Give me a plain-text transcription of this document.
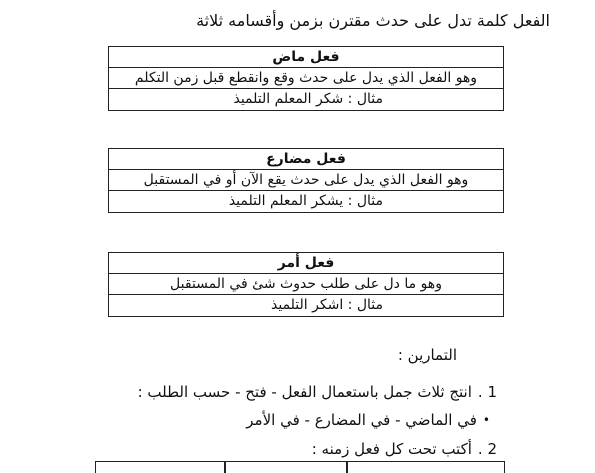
الفعل كلمة تدل على حدث مقترن بزمن وأقسامه ثلاثة
فعل ماض
وهو الفعل الذي يدل على حدث وقع وانقطع قبل زمن التكلم
مثال : شكر المعلم التلميذ
فعل مضارع
وهو الفعل الذي يدل على حدث يقع الآن أو في المستقبل
مثال : يشكر المعلم التلميذ
فعل أمر
وهو ما دل على طلب حدوث شئ في المستقبل
مثال : اشكر التلميذ
التمارين :
1 .
انتج ثلاث جمل باستعمال الفعل - فتح - حسب الطلب :
•
في الماضي - في المضارع - في الأمر
2 .
أكتب تحت كل فعل زمنه :
